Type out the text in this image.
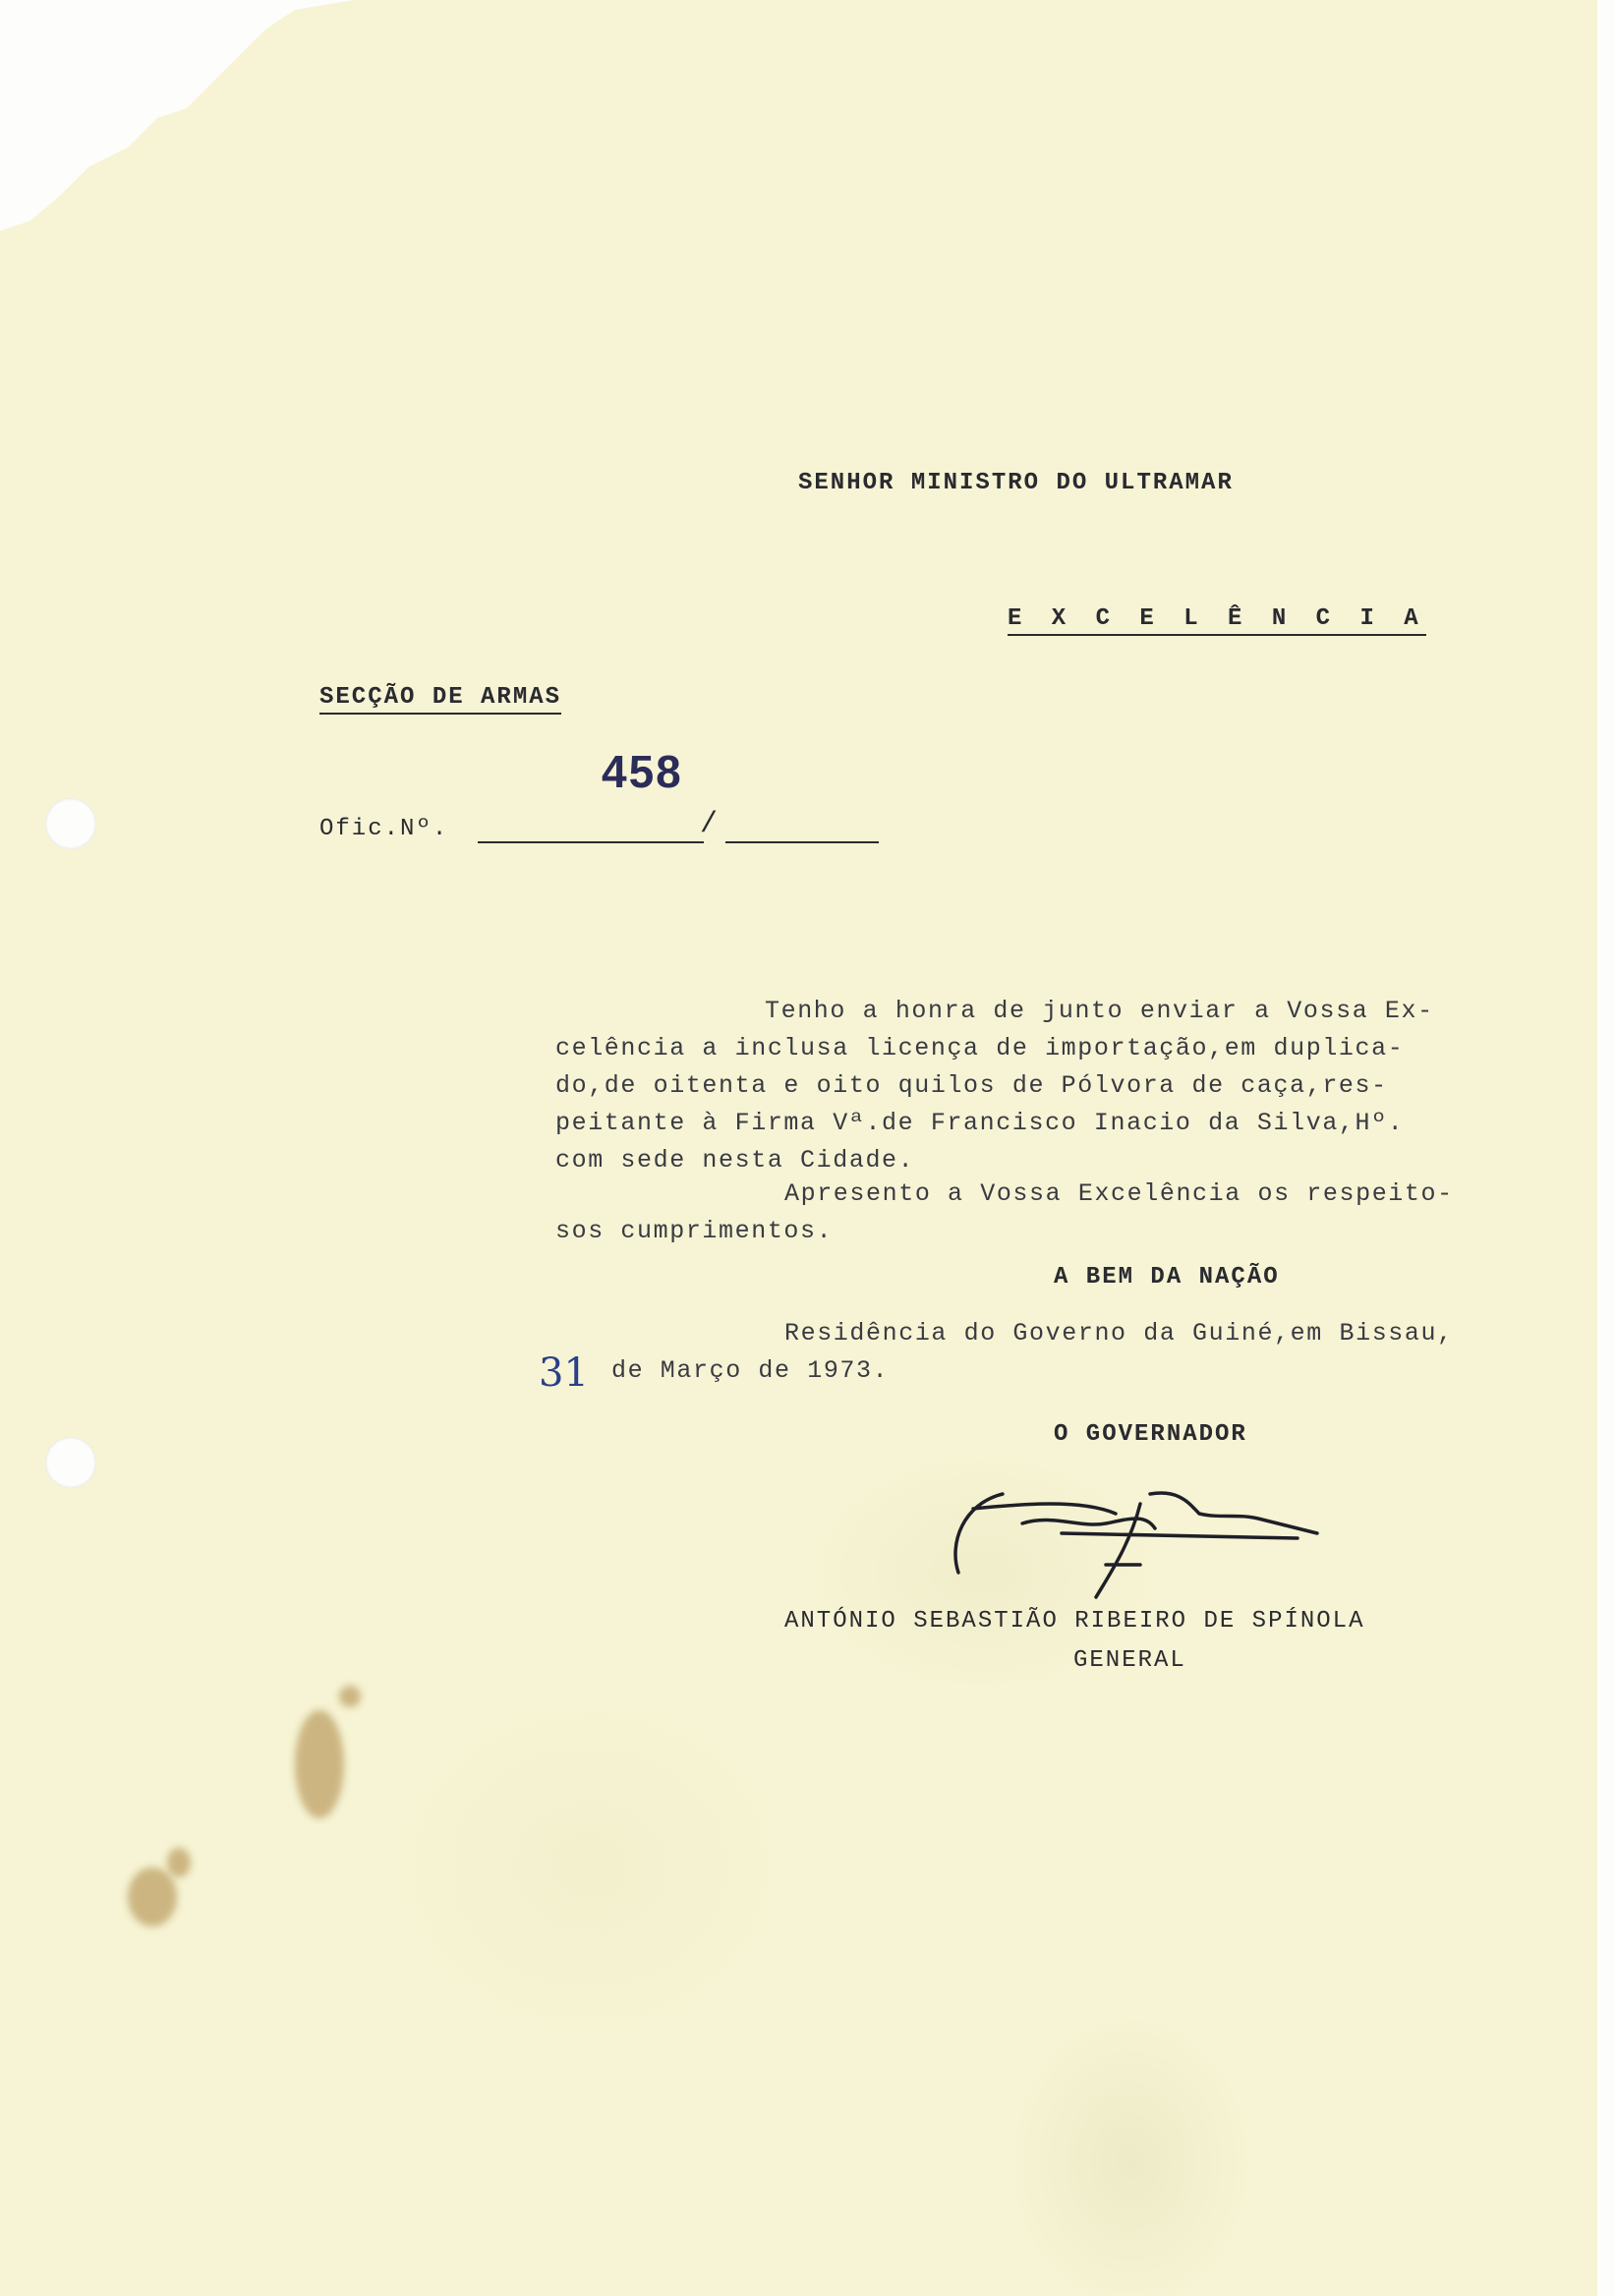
SENHOR MINISTRO DO ULTRAMAR
E X C E L Ê N C I A
SECÇÃO DE ARMAS
458
Ofic.Nº.	/
Tenho a honra de junto enviar a Vossa Ex-
celência a inclusa licença de importação,em duplica-
do,de oitenta e oito quilos de Pólvora de caça,res-
peitante à Firma Vª.de Francisco Inacio da Silva,Hº.
com sede nesta Cidade.
Apresento a Vossa Excelência os respeito-
sos cumprimentos.
A BEM DA NAÇÃO
Residência do Governo da Guiné,em Bissau,
31 de Março de 1973.
O GOVERNADOR
ANTÓNIO SEBASTIÃO RIBEIRO DE SPÍNOLA
GENERAL
